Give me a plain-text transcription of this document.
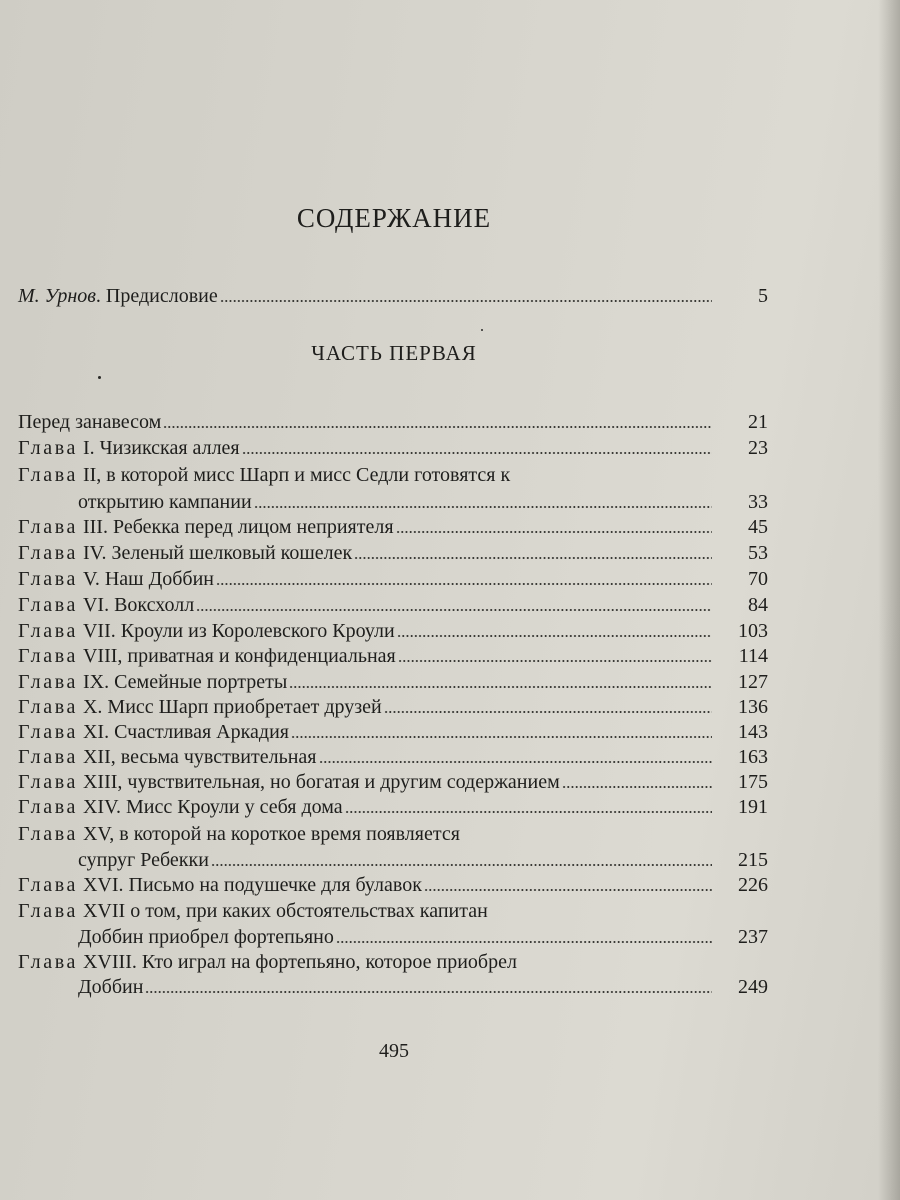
СОДЕРЖАНИЕ
М. Урнов. Предисловие	5
ЧАСТЬ ПЕРВАЯ
Перед занавесом	21
Глава I. Чизикская аллея	23
Глава II, в которой мисс Шарп и мисс Седли готовятся к
открытию кампании	33
Глава III. Ребекка перед лицом неприятеля	45
Глава IV. Зеленый шелковый кошелек	53
Глава V. Наш Доббин	70
Глава VI. Воксхолл	84
Глава VII. Кроули из Королевского Кроули	103
Глава VIII, приватная и конфиденциальная	114
Глава IX. Семейные портреты	127
Глава X. Мисс Шарп приобретает друзей	136
Глава XI. Счастливая Аркадия	143
Глава XII, весьма чувствительная	163
Глава XIII, чувствительная, но богатая и другим содержанием	175
Глава XIV. Мисс Кроули у себя дома	191
Глава XV, в которой на короткое время появляется
супруг Ребекки	215
Глава XVI. Письмо на подушечке для булавок	226
Глава XVII о том, при каких обстоятельствах капитан
Доббин приобрел фортепьяно	237
Глава XVIII. Кто играл на фортепьяно, которое приобрел
Доббин	249
495
